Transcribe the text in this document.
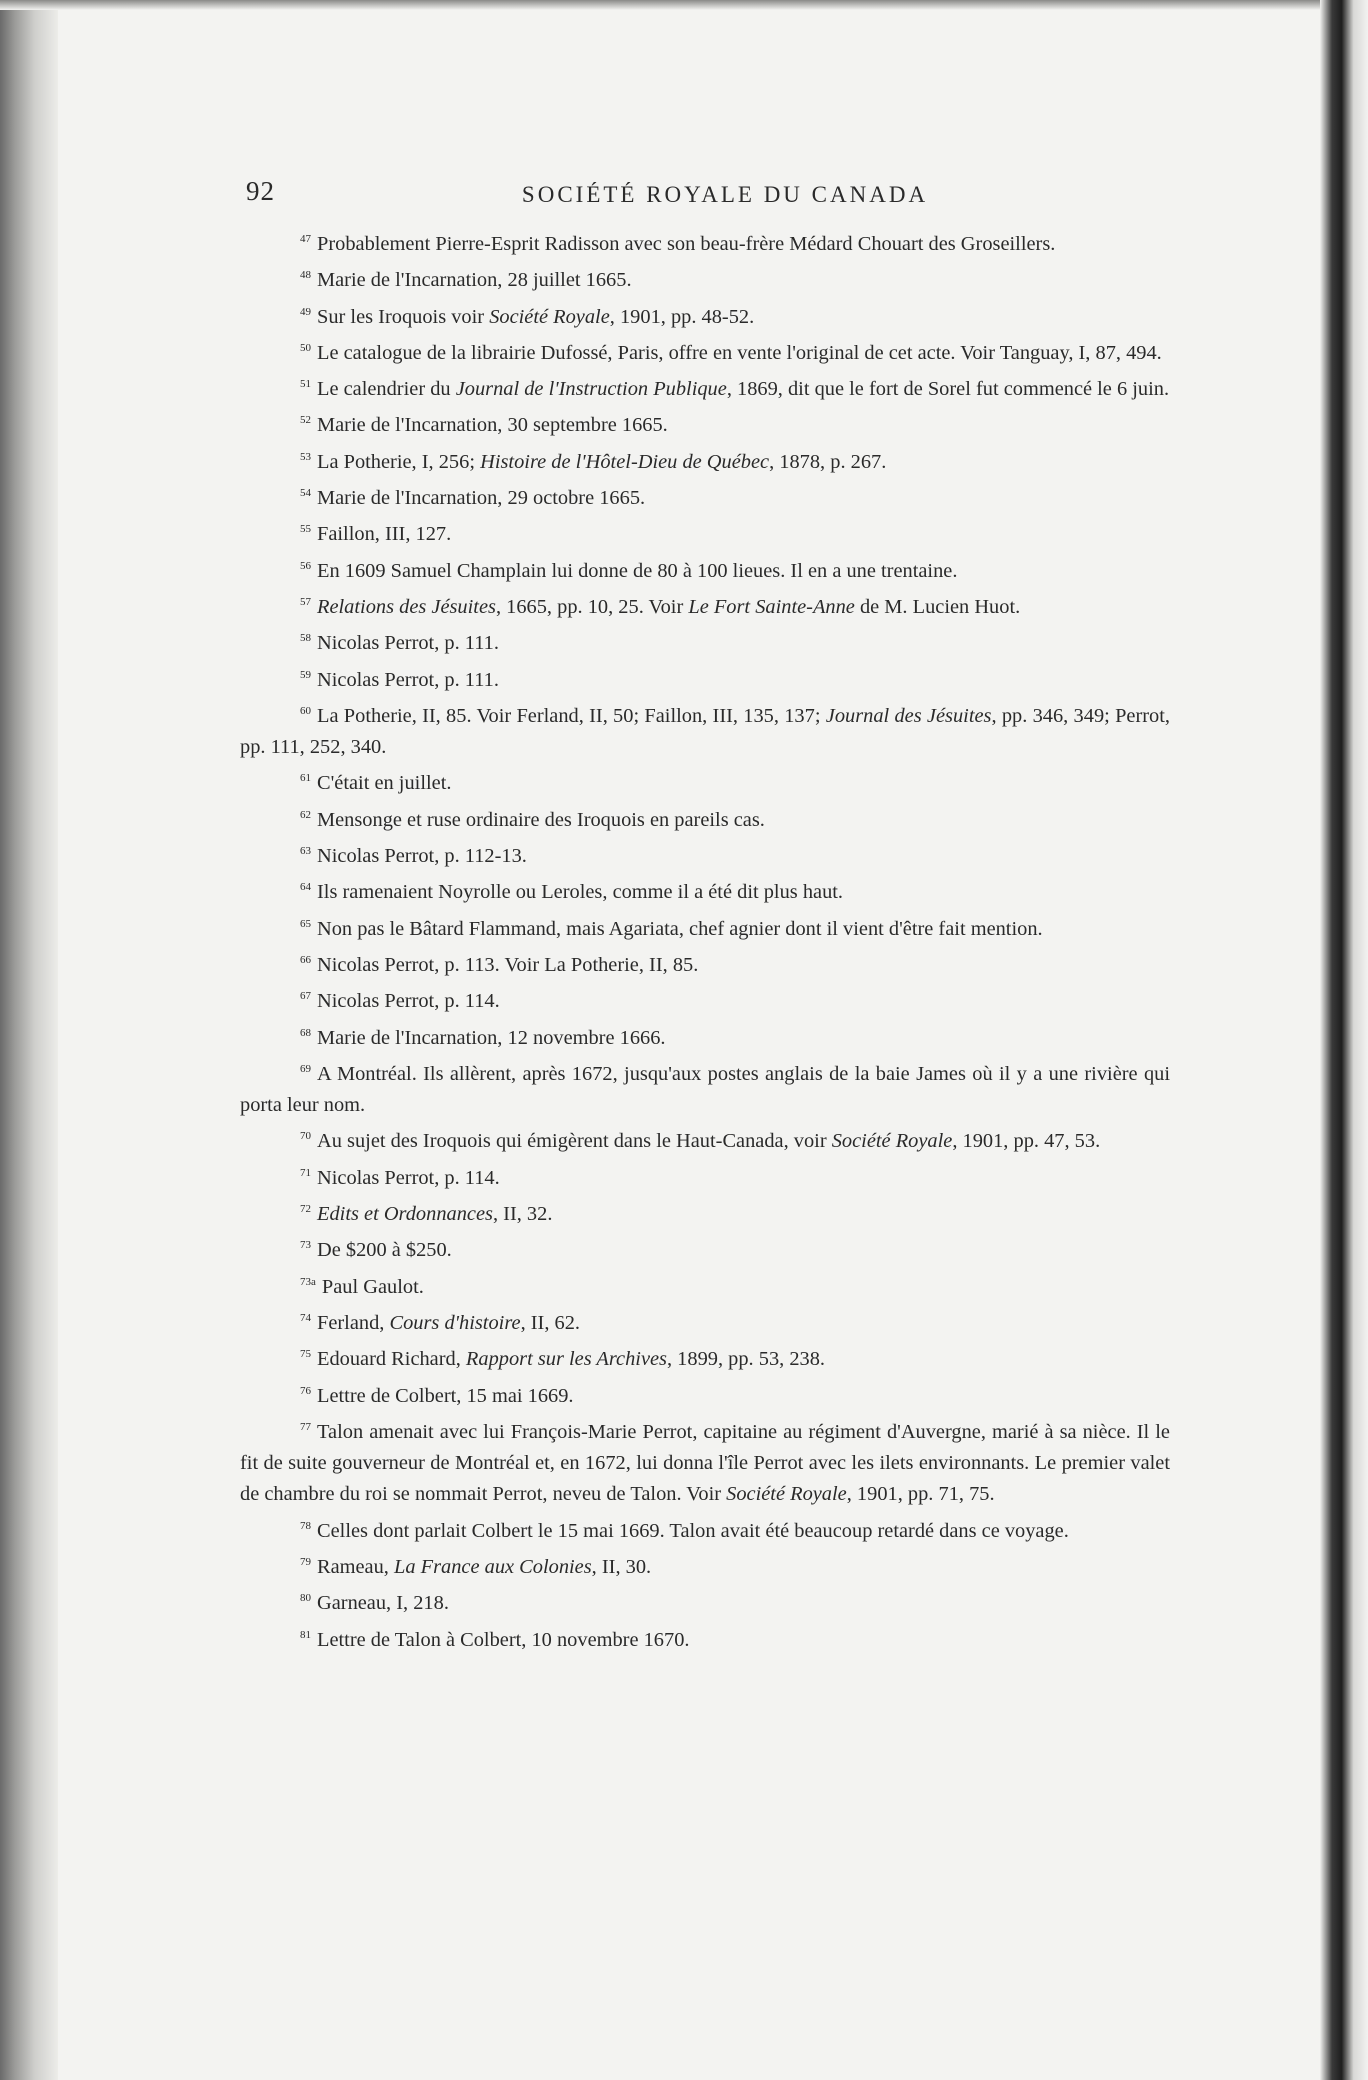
92	SOCIÉTÉ ROYALE DU CANADA

$^{47}$ Probablement Pierre-Esprit Radisson avec son beau-frère Médard Chouart des Groseillers.

$^{48}$ Marie de l'Incarnation, 28 juillet 1665.

$^{49}$ Sur les Iroquois voir Société Royale, 1901, pp. 48-52.

$^{50}$ Le catalogue de la librairie Dufossé, Paris, offre en vente l'original de cet acte. Voir Tanguay, I, 87, 494.

$^{51}$ Le calendrier du Journal de l'Instruction Publique, 1869, dit que le fort de Sorel fut commencé le 6 juin.

$^{52}$ Marie de l'Incarnation, 30 septembre 1665.

$^{53}$ La Potherie, I, 256; Histoire de l'Hôtel-Dieu de Québec, 1878, p. 267.

$^{54}$ Marie de l'Incarnation, 29 octobre 1665.

$^{55}$ Faillon, III, 127.

$^{56}$ En 1609 Samuel Champlain lui donne de 80 à 100 lieues. Il en a une trentaine.

$^{57}$ Relations des Jésuites, 1665, pp. 10, 25. Voir Le Fort Sainte-Anne de M. Lucien Huot.

$^{58}$ Nicolas Perrot, p. 111.

$^{59}$ Nicolas Perrot, p. 111.

$^{60}$ La Potherie, II, 85. Voir Ferland, II, 50; Faillon, III, 135, 137; Journal des Jésuites, pp. 346, 349; Perrot, pp. 111, 252, 340.

$^{61}$ C'était en juillet.

$^{62}$ Mensonge et ruse ordinaire des Iroquois en pareils cas.

$^{63}$ Nicolas Perrot, p. 112-13.

$^{64}$ Ils ramenaient Noyrolle ou Leroles, comme il a été dit plus haut.

$^{65}$ Non pas le Bâtard Flammand, mais Agariata, chef agnier dont il vient d'être fait mention.

$^{66}$ Nicolas Perrot, p. 113. Voir La Potherie, II, 85.

$^{67}$ Nicolas Perrot, p. 114.

$^{68}$ Marie de l'Incarnation, 12 novembre 1666.

$^{69}$ A Montréal. Ils allèrent, après 1672, jusqu'aux postes anglais de la baie James où il y a une rivière qui porta leur nom.

$^{70}$ Au sujet des Iroquois qui émigèrent dans le Haut-Canada, voir Société Royale, 1901, pp. 47, 53.

$^{71}$ Nicolas Perrot, p. 114.

$^{72}$ Edits et Ordonnances, II, 32.

$^{73}$ De $200 à $250.

$^{73a}$ Paul Gaulot.

$^{74}$ Ferland, Cours d'histoire, II, 62.

$^{75}$ Edouard Richard, Rapport sur les Archives, 1899, pp. 53, 238.

$^{76}$ Lettre de Colbert, 15 mai 1669.

$^{77}$ Talon amenait avec lui François-Marie Perrot, capitaine au régiment d'Auvergne, marié à sa nièce. Il le fit de suite gouverneur de Montréal et, en 1672, lui donna l'île Perrot avec les ilets environnants. Le premier valet de chambre du roi se nommait Perrot, neveu de Talon. Voir Société Royale, 1901, pp. 71, 75.

$^{78}$ Celles dont parlait Colbert le 15 mai 1669. Talon avait été beaucoup retardé dans ce voyage.

$^{79}$ Rameau, La France aux Colonies, II, 30.

$^{80}$ Garneau, I, 218.

$^{81}$ Lettre de Talon à Colbert, 10 novembre 1670.
